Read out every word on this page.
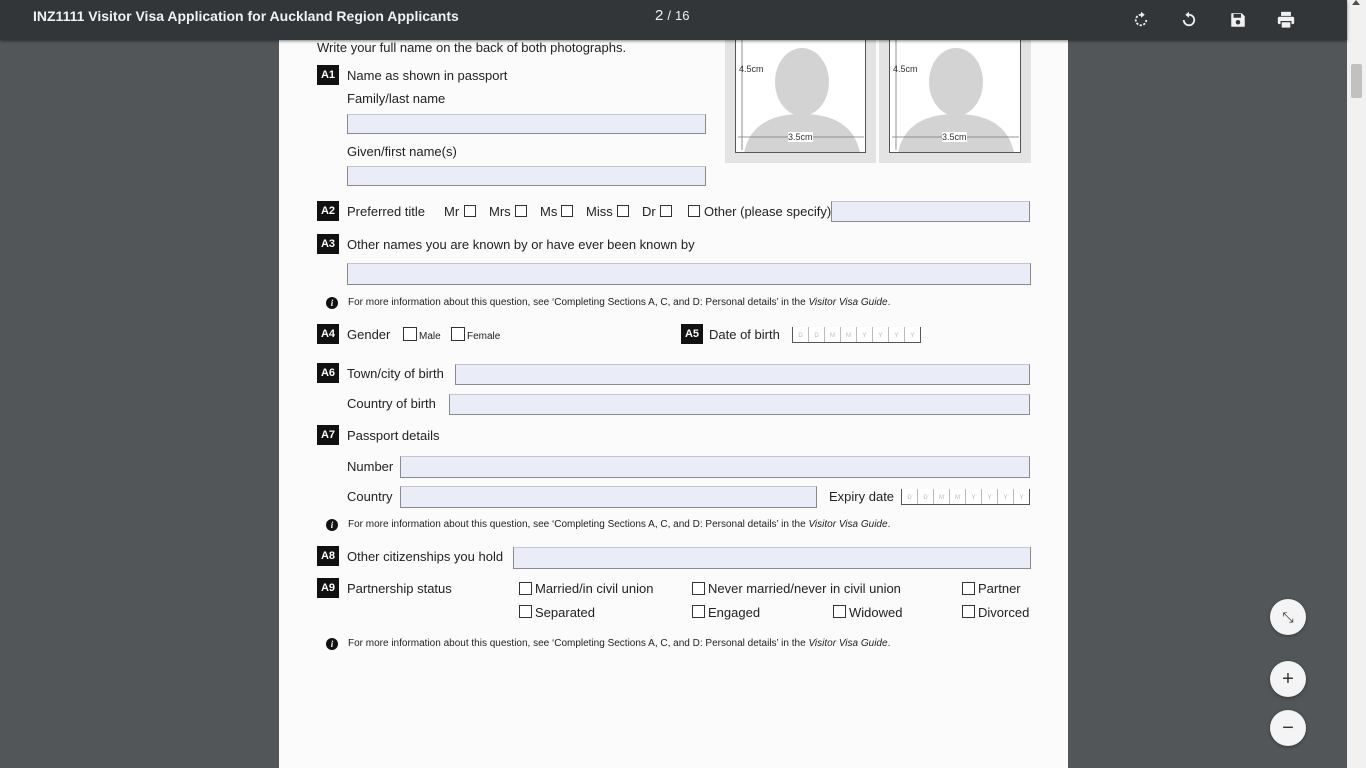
INZ1111 Visitor Visa Application for Auckland Region Applicants	2 / 16
Write your full name on the back of both photographs.
4.5cm
3.5cm
4.5cm
3.5cm
A1 Name as shown in passport
Family/last name
Given/first name(s)
A2 Preferred title Mr Mrs Ms Miss Dr	Other (please specify)
A3 Other names you are known by or have ever been known by
i	For more information about this question, see ‘Completing Sections A, C, and D: Personal details’ in the Visitor Visa Guide.
A4 Gender	Male	Female	A5 Date of birth	D	D	M	M	Y	Y	Y	Y
A6 Town/city of birth
Country of birth
A7 Passport details
Number
Country	Expiry date	D	D	M	M	Y	Y	Y	Y
i	For more information about this question, see ‘Completing Sections A, C, and D: Personal details’ in the Visitor Visa Guide.
A8 Other citizenships you hold
A9 Partnership status	Married/in civil union	Never married/never in civil union	Partner
Separated	Engaged	Widowed	Divorced
i	For more information about this question, see ‘Completing Sections A, C, and D: Personal details’ in the Visitor Visa Guide.
⤡
+
−
